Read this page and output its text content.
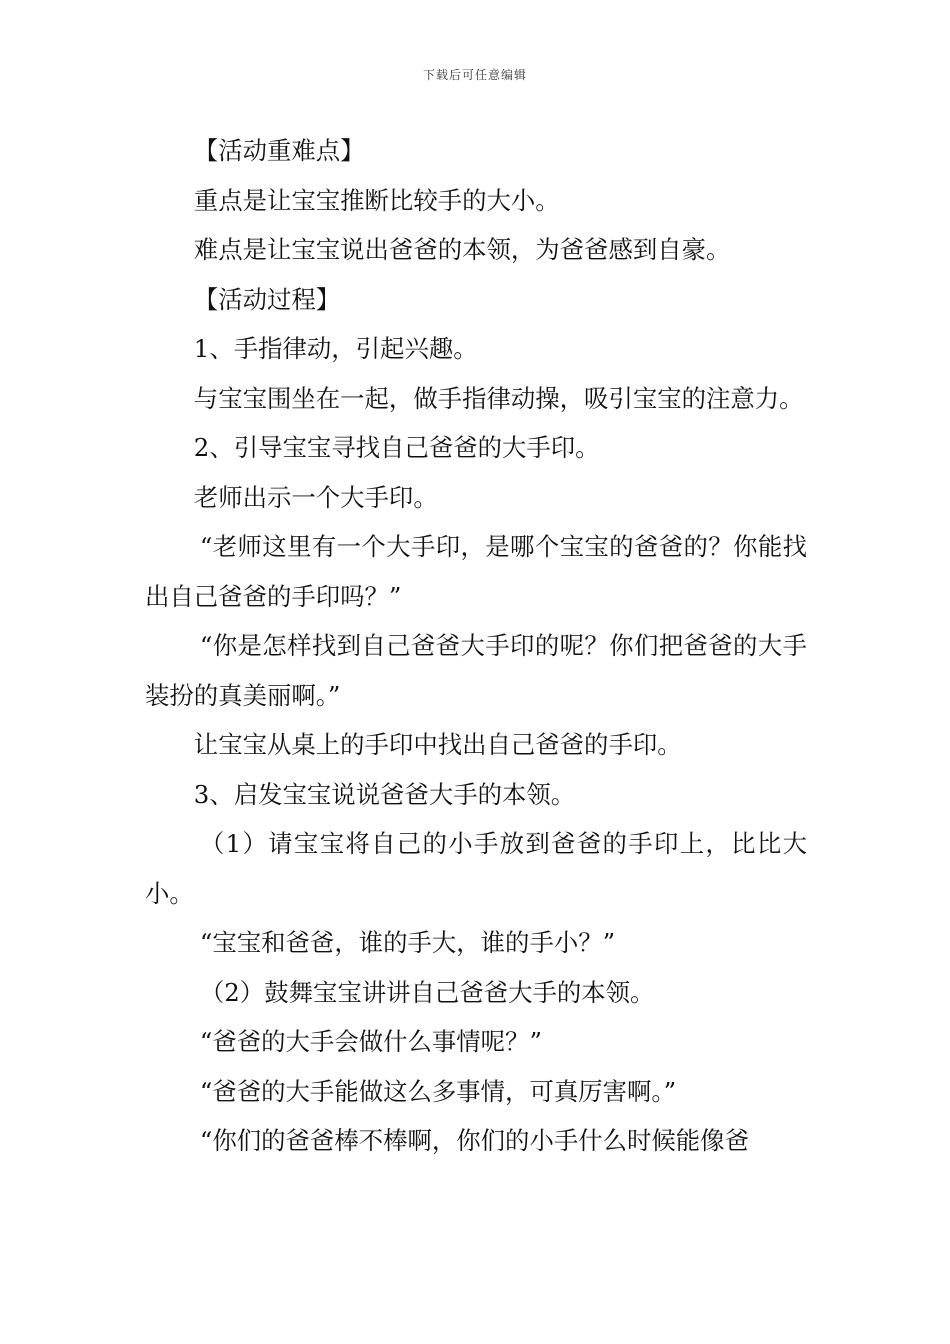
下载后可任意编辑

【活动重难点】

重点是让宝宝推断比较手的大小。

难点是让宝宝说出爸爸的本领，为爸爸感到自豪。

【活动过程】

1、手指律动，引起兴趣。

与宝宝围坐在一起，做手指律动操，吸引宝宝的注意力。

2、引导宝宝寻找自己爸爸的大手印。

老师出示一个大手印。

“老师这里有一个大手印，是哪个宝宝的爸爸的？你能找出自己爸爸的手印吗？”

“你是怎样找到自己爸爸大手印的呢？你们把爸爸的大手装扮的真美丽啊。”

让宝宝从桌上的手印中找出自己爸爸的手印。

3、启发宝宝说说爸爸大手的本领。

（1）请宝宝将自己的小手放到爸爸的手印上，比比大小。

“宝宝和爸爸，谁的手大，谁的手小？”

（2）鼓舞宝宝讲讲自己爸爸大手的本领。

“爸爸的大手会做什么事情呢？”

“爸爸的大手能做这么多事情，可真厉害啊。”

“你们的爸爸棒不棒啊，你们的小手什么时候能像爸
